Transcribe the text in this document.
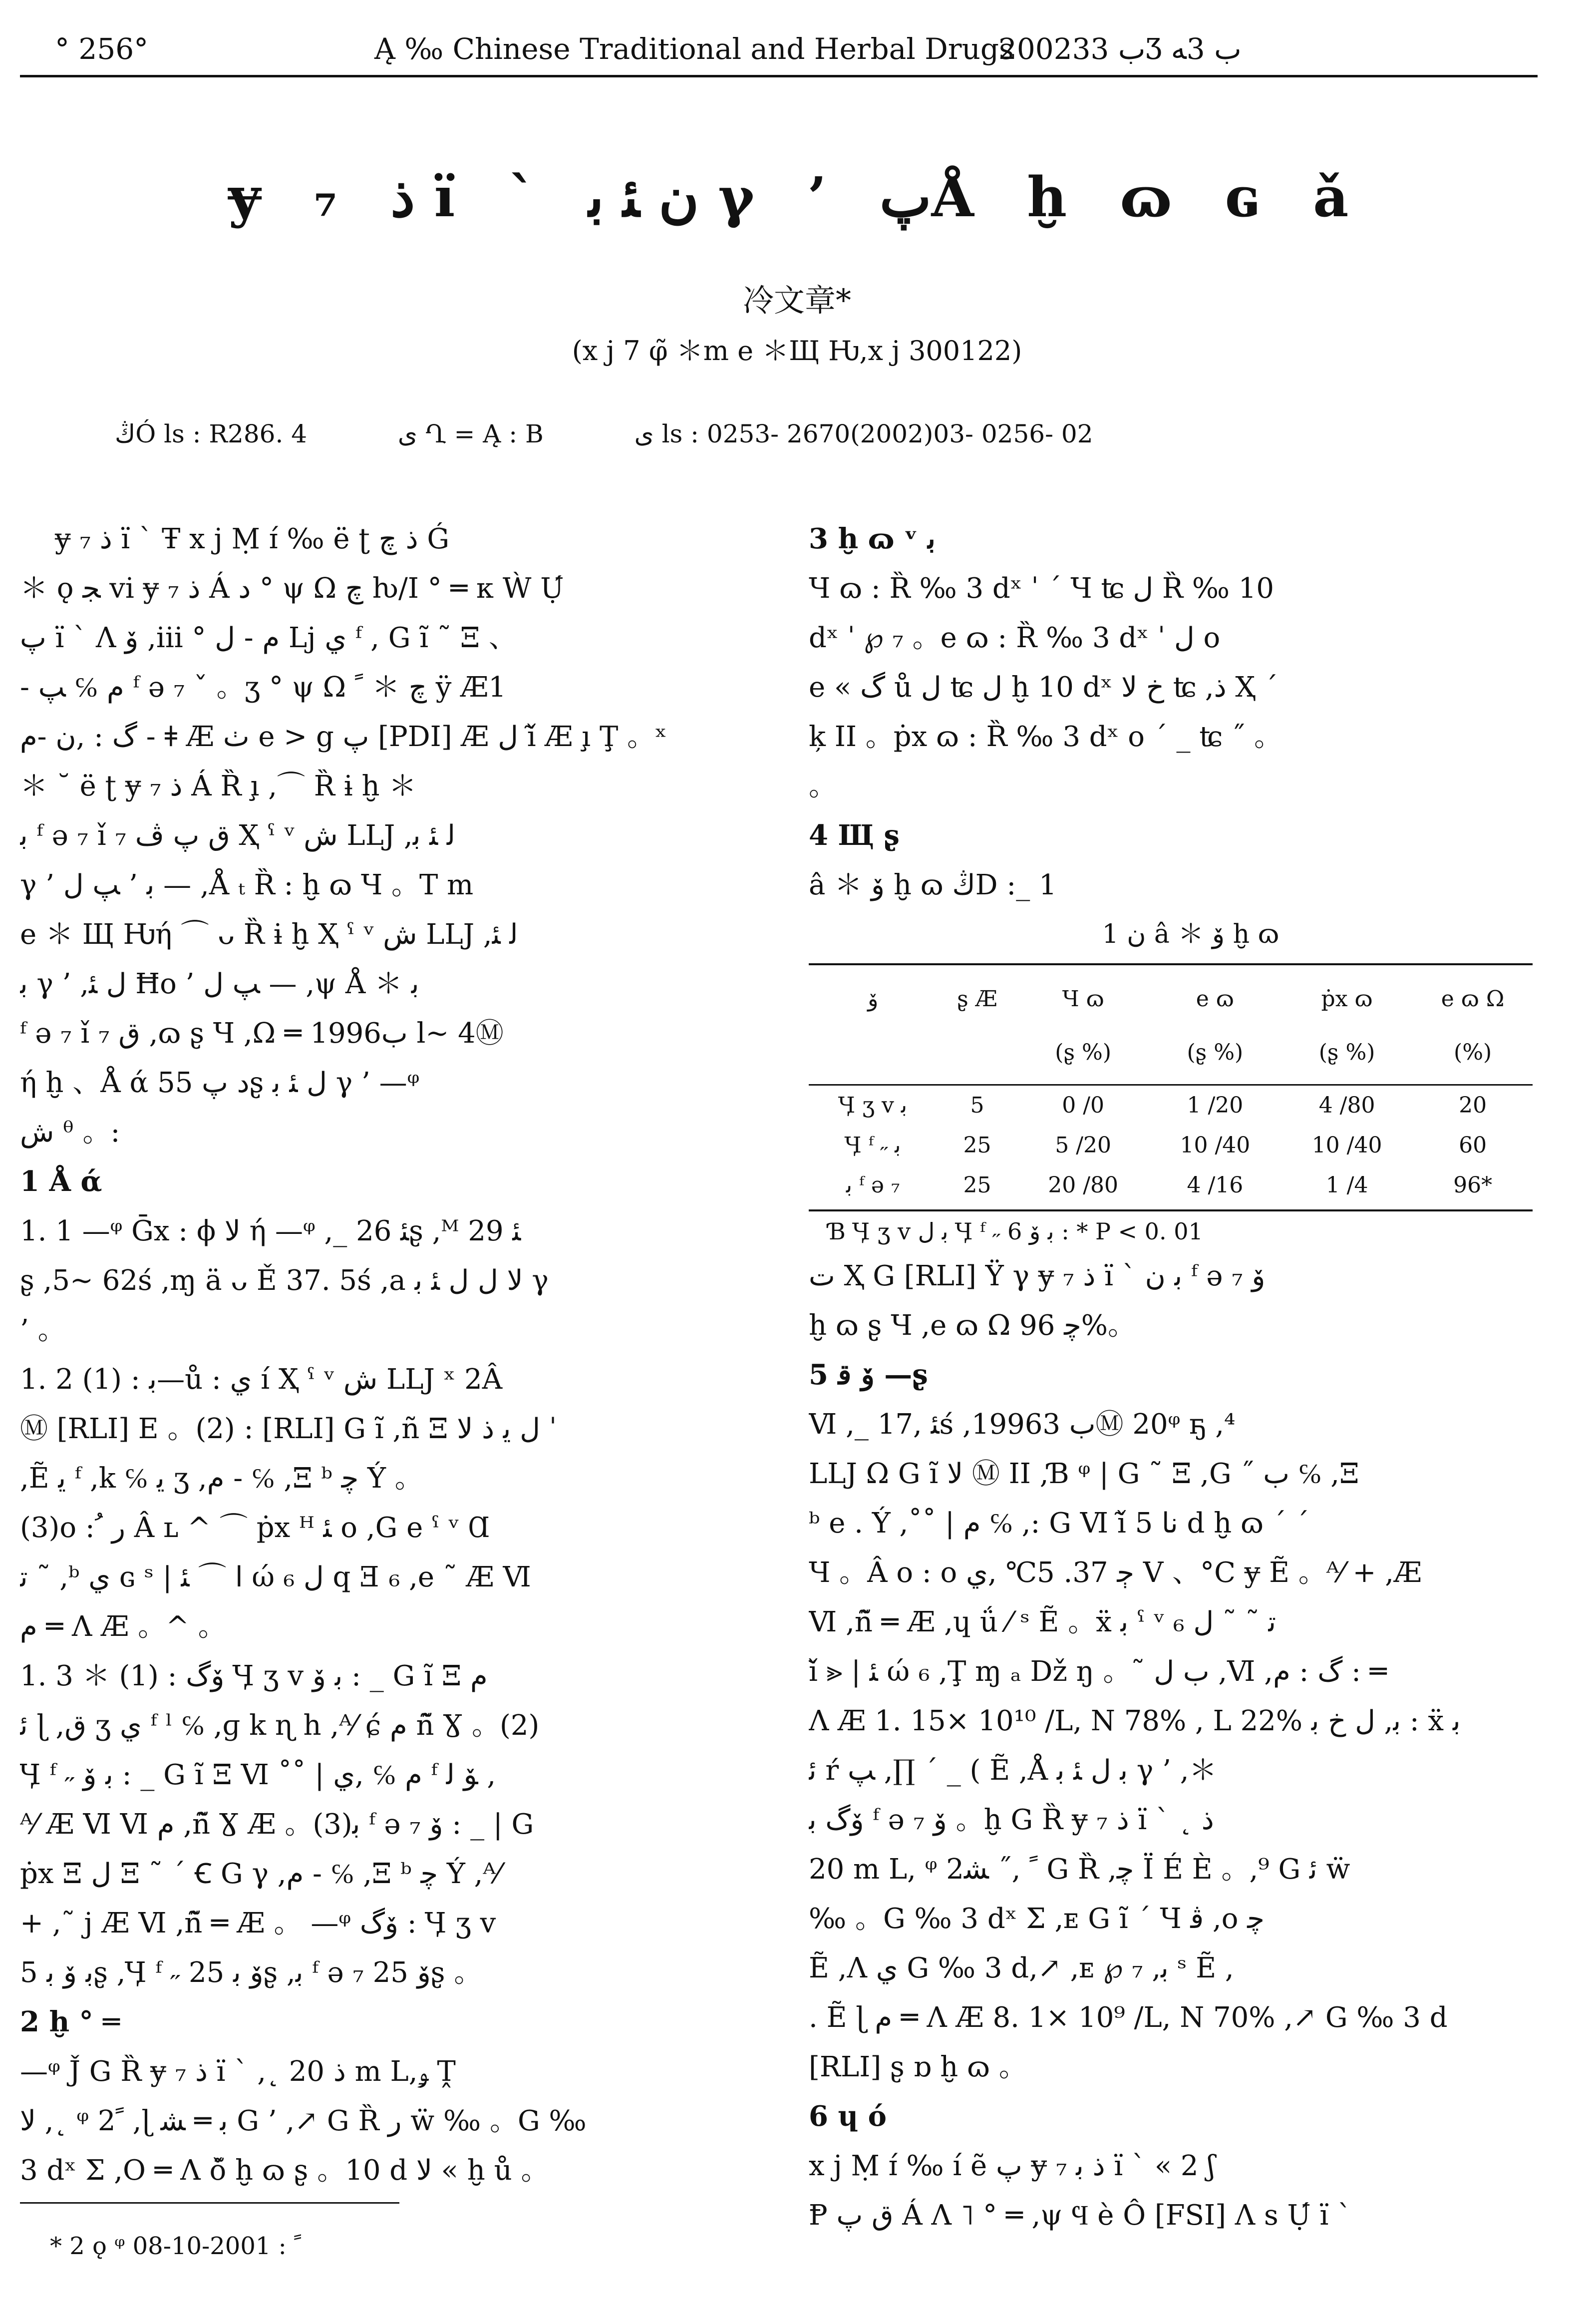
° 256°	Ą ‰ Chinese Traditional and Herbal Drugs
2002ب 33Ʒ ب 3ﻪ
ɏ ₇ ﺫ ï ` ﻥ ﺌ ﺑ γ ’ ﭖÅ ḫ ɷ ɢ ǎ
冷文章*
(x j 7 φ̃ ＊m e ＊Щ Ƕ,x j 300122)
ﯓÓ ls : R286. 4	ﻯ Ղ = Ą : B	ﻯ ls : 0253- 2670(2002)03- 0256- 02

ɏ ₇ ﺫ ï ` Ŧ x j Ṃ ɪ́ ‰ ë ʈ ﺫ ﭺ Ǵ

＊ ǫ ﺠ vi ɏ ₇ ﺫ Á ﺩ ° ψ Ω ﭺ ƕ/Ι ° ═ ᴋ Ẁ Ụ́

ﭖ ï ` Λ ﯙ ,iii ° ﻡ - ﻝ ǈ ﻱ ᶠ , G ĩ ˜ Ξ 、

- ﻡ ℅ ﭗ ᶠ ə ₇ ˇ 。ʒ ° ψ Ω ﭺ ＊ ﹰ ÿ Æ1

ﮒ : ,ﻥ -ﻡ - ǂ Æ ﭞ e > g ﭖ [PDI] Æ ﻝ ǐ̃ Æ ı̧ Ţ 。ˣ

＊ ˘ ë ʈ ɏ ₇ ﺫ Á Ȑ ı̧ ,⌒ Ȑ ɨ ḫ ＊

ﺑ ᶠ ə ₇ ǐ ₇ ﻕ ﭖ ﭪ Ҳ ˤ ᵛ ﺵ LǇ ,ﻟ ﺌ ﺑ

γ ’ ﺑ ’ ﭗ ﻝ — ,Å ₜ Ȑ : ḫ ɷ Ч 。T m

e ＊ Щ Ƕή ⌒ ᴗ Ȑ ɨ ḫ Ҳ ˤ ᵛ ﺵ LǇ ,ﻟ ﺌ

ﺑ γ ’ ,ﻝ ﺌ Ħo ’ ﭗ ﻝ — ,ψ Å ＊ ﺑ

ᶠ ə ₇ ǐ ₇ ﻕ ,ɷ ʂ Ч ,Ω ═ 1996ب l~ 4Ⓜ

ή ḫ 、Å ά ﺩ ﭖ 55ʂ ﻝ ﺌ ﺑ γ ’ —ᵠ

ﺵ ᶿ 。:

1 Å ά

1. 1 —ᵠ Ḡx : ϕ ﻻ ή —ᵠ ,_ ﺌ 26ʂ ,ᴹ ﺌ 29

ʂ ,5~ 62ś ,ɱ ä ᴗ Ě 37. 5ś ,a ﻻ ﻝ ﻝ ﺌ ﺑ γ

’ 。

1. 2 ﺑ : (1)—ů : ﻱ í Ҳ ˤ ᵛ ﺵ LǇ ˣ 2Â

Ⓜ [RLI] E 。(2) : [RLI] G ĩ ,ñ Ξ ﻝ ﯾ ﺫ ﻻ ˈ

,Ẽ ﻳ ᶠ ,k ℅ ﻳ ʒ ,ﻡ - ℅ ,Ξ ᵇ ﭼ Ý 。

(3)o : ُ ﺭ Â ʟ ^ ⌒ ṗx ᴴ ﺌ o ,G e ˤ ᵛ Ɑ

ﺗ ˜ ,ᵇ ﻱ ɢ ˢ | ﺍ ⌒ ﺌ ώ ₆ ﻝ q Ǝ ₆ ,e ˜ Æ Ⅵ

ﻡ ═ Λ Æ 。^ 。

1. 3 ＊ ﯙﮒ : (1) Ӌ ʒ v ﺑ ﯙ : _ G ĩ Ξ ﻡ

ﺋ ɭ ,ﻕ ʒ ﻱ ᶠ ˡ ℅ ,ɡ k ɳ h ,ᴬ⁄ ɕ́ ﻡ ñ̃ Ɣ 。(2)

Ӌ ᶠ ˶ ﺑ ﯙ : _ G ĩ Ξ Ⅵ ˚˚ | ﻡ ℅ ,ﻱ ᶠ ﯚ ﻟ ,

ᴬ⁄ Æ Ⅵ Ⅵ ﻡ ,ñ̃ Ɣ Æ 。(3)ﺑ ᶠ ə ₇ ﯙ : _ | G

ṗx Ξ ﻝ Ξ ˜ ˊ Ꞓ G γ ,ﻡ - ℅ ,Ξ ᵇ ﭼ Ý ,ᴬ⁄

+ ,˜ j Æ Ⅵ ,ñ̃ ═ Æ 。 —ᵠ ﯙﮒ : Ӌ ʒ v

ﺑ ﯙ ﺑ 5ʂ ,Ӌ ᶠ ˶ ﯙ ﺑ 25ʂ ,ﺑ ᶠ ə ₇ ﯙ 25ʂ 。

2 ḫ ° ═

—ᵠ J̌ G Ȑ ɏ ₇ ﺫ ï ` ,˛ ﺫ 20 m L,ﯡ Ṱ

ﻻ ,˛ ᵠ 2ﹰ ,ɭ ﺑ ═ ﺸ G ’ ,↗ G Ȑ ﺭ ẅ ‰ 。G ‰

3 dˣ Σ ,O ═ Λ ǒ̃ ḫ ɷ ʂ 。10 d ﻻ « ḫ ů 。

3 ḫ ɷ ᵛ ﺑ

Ч ɷ : Ȑ ‰ 3 dˣ ˈ ˊ Ч ʨ ﻝ Ȑ ‰ 10

dˣ ˈ ℘ ₇ 。e ɷ : Ȑ ‰ 3 dˣ ˈ ﻝ o

e « ﮒ ů ﻝ ʨ ﻝ ḫ 10 dˣ ﺥ ﻻ ʨ ,ﺫ Ҳ ˊ

ķ II 。ṗx ɷ : Ȑ ‰ 3 dˣ o ˊ _ ʨ ˝ 。

。

4 Щ ʂ

â ＊ ﯙ ḫ ɷ ﯓD :_ 1

1 ﻥ â ＊ ﯙ ḫ ɷ
ﯙ	ʂ Æ	Ч ɷ	e ɷ	ṗx ɷ	e ɷ Ω
		(ʂ %)	(ʂ %)	(ʂ %)	(%)
Ӌ ʒ v ﺑ	5	0 /0	1 /20	4 /80	20
Ӌ ᶠ ˶ ﺑ	25	5 /20	10 /40	10 /40	60
ﺑ ᶠ ə ₇	25	20 /80	4 /16	1 /4	96*
Ɓ Ӌ ʒ v ﺑ ﻝ Ӌ ᶠ ˶ ﺑ ﯙ 6 : * P < 0. 01

ﺕ Ҳ G [RLI] Ÿ γ ɏ ₇ ﺫ ï ` ﺑ ﻥ ᶠ ə ₇ ﯙ

ḫ ɷ ʂ Ч ,e ɷ Ω ﭼ 96%。

5 ﯙ ﻗ —ʂ

Ⅵ ,_ ﺌ ,17ś ,1996ب 3Ⓜ 20ᵠ ҕ ,⁴

LǇ Ω G ĩ ﻻ Ⓜ II ,Ɓ ᵠ | G ˜ Ξ ,G ˝ ب ℅ ,Ξ

ᵇ e . Ý ,˚˚ | ﻡ ℅ ,: G Ⅵ ǐ̃ ﻧﺎ 5 d ḫ ɷ ˊ ˊ

Ч 。Â o : o ﭴ 37. 5℃ ,ﻱ V 、°C ɏ Ẽ 。ᴬ⁄ + ,Æ

Ⅵ ,ñ̃ ═ Æ ,ɥ ǘ ⁄ ˢ Ẽ 。ẍ ﺑ ˤ ᵛ ₆ ﺗ ˜ ˜ ﻝ

ǐ̃ ⪢ | ﺌ ώ ₆ ,Ţ ɱ ₐ Dž ŋ 。˜ ﺏ ﻝ ,Ⅵ ,ﮒ : ﻡ : ═

Λ Æ 1. 15× 10¹⁰ /L, N 78% , L 22% ﺑ, ﻝ ﺥ ﺑ : ẍ ﺑ

ﺋ ŕ ﭗ ,∏ ˊ _ ( Ẽ ,Å ﺑ ﻝ ﺌ ﺑ γ ’ ,＊

ﯙﮒ ﺑ ᶠ ə ₇ ﯙ 。ḫ G Ȑ ɏ ₇ ﺫ ï ` ˛ ﺫ

20 m L, ᵠ 2ﹰ ,˝ ﺸ G Ȑ ,ﭼ Ï É È 。,⁹ G ﺋ ẅ

‰ 。G ‰ 3 dˣ Σ ,ᴇ G ĩ ˊ Ч ﭬ ,o ﭼ

Ẽ ,Λ ﻱ G ‰ 3 d,↗ ,ᴇ ℘ ₇ ,ﺑ ˢ Ẽ ,

. Ẽ ɭ ﻡ ═ Λ Æ 8. 1× 10⁹ /L, N 70% ,↗ G ‰ 3 d

[RLI] ʂ ɒ ḫ ɷ 。

6 ɥ ó

x j Ṃ ɪ́ ‰ í ẽ ﭖ ɏ ₇ ﺫ ﺑ ï ` « 2 ʃ

Ᵽ ﻕ ﭖ Á Λ ˥ ° ═ ,ψ Ϥ è Ô [FSI] Λ s Ụ́ ï `

* 2 ǫ ᵠ ﹰ : 2001-10-08
